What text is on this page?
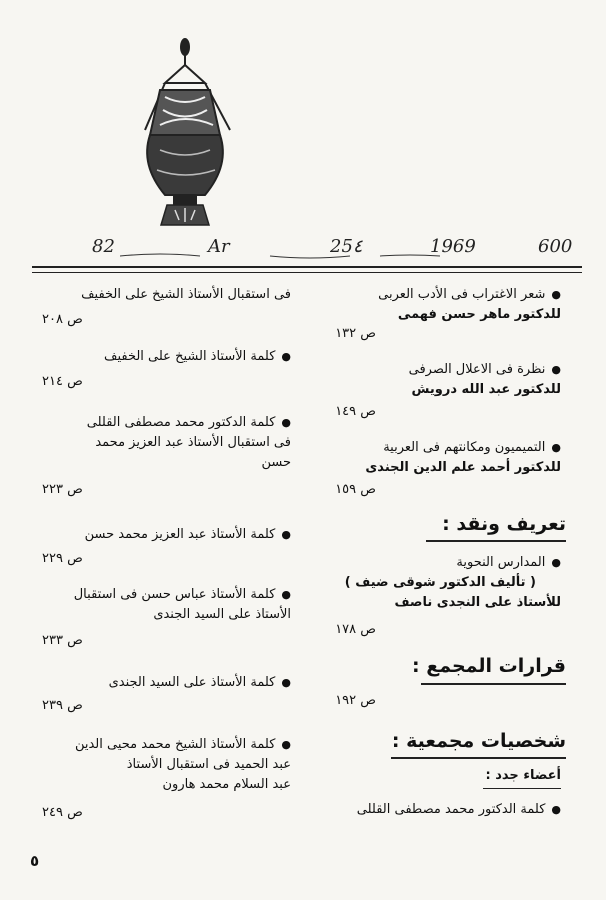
82	Ar	25٤	1969	600
●شعر الاغتراب فى الأدب العربى
للدكتور ماهر حسن فهمى
ص ١٣٢
●نظرة فى الاعلال الصرفى
للدكتور عبد الله درويش
ص ١٤٩
●التميميون ومكانتهم فى العربية
للدكتور أحمد علم الدين الجندى
ص ١٥٩
تعريف ونقد :
●المدارس النحوية
( تأليف الدكتور شوقى ضيف )
للأستاذ على النجدى ناصف
ص ١٧٨
قرارات المجمع :
ص ١٩٢
شخصيات مجمعية :
أعضاء جدد :
●كلمة الدكتور محمد مصطفى القللى
فى استقبال الأستاذ الشيخ على الخفيف
ص ٢٠٨
●كلمة الأستاذ الشيخ على الخفيف
ص ٢١٤
●كلمة الدكتور محمد مصطفى القللى
فى استقبال الأستاذ عبد العزيز محمد
حسن
ص ٢٢٣
●كلمة الأستاذ عبد العزيز محمد حسن
ص ٢٢٩
●كلمة الأستاذ عباس حسن فى استقبال
الأستاذ على السيد الجندى
ص ٢٣٣
●كلمة الأستاذ على السيد الجندى
ص ٢٣٩
●كلمة الأستاذ الشيخ محمد محيى الدين
عبد الحميد فى استقبال الأستاذ
عبد السلام محمد هارون
ص ٢٤٩
٥
